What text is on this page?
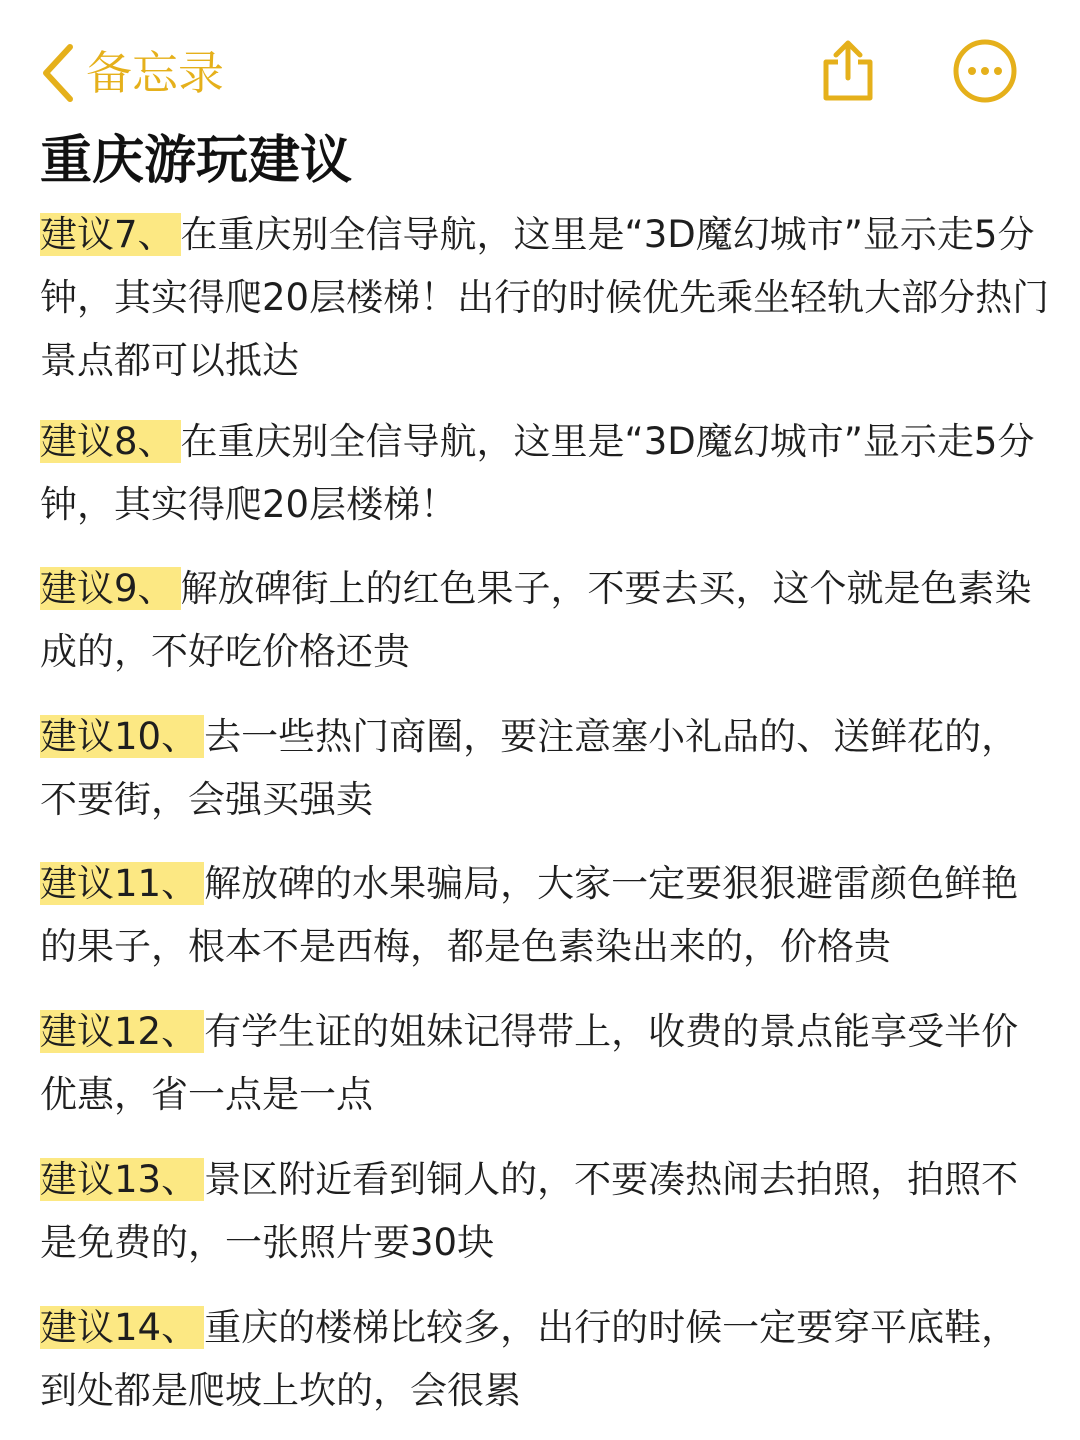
备忘录
重庆游玩建议

建议7、 在重庆别全信导航，这里是“3D魔幻城市”显示走5分钟，其实得爬20层楼梯！出行的时候优先乘坐轻轨大部分热门景点都可以抵达

建议8、 在重庆别全信导航，这里是“3D魔幻城市”显示走5分钟，其实得爬20层楼梯！

建议9、 解放碑街上的红色果子，不要去买，这个就是色素染成的，不好吃价格还贵

建议10、 去一些热门商圈，要注意塞小礼品的、送鲜花的，不要街，会强买强卖

建议11、 解放碑的水果骗局，大家一定要狠狠避雷颜色鲜艳的果子，根本不是西梅，都是色素染出来的，价格贵

建议12、 有学生证的姐妹记得带上，收费的景点能享受半价优惠，省一点是一点

建议13、 景区附近看到铜人的，不要凑热闹去拍照，拍照不是免费的，一张照片要30块

建议14、 重庆的楼梯比较多，出行的时候一定要穿平底鞋，到处都是爬坡上坎的，会很累
